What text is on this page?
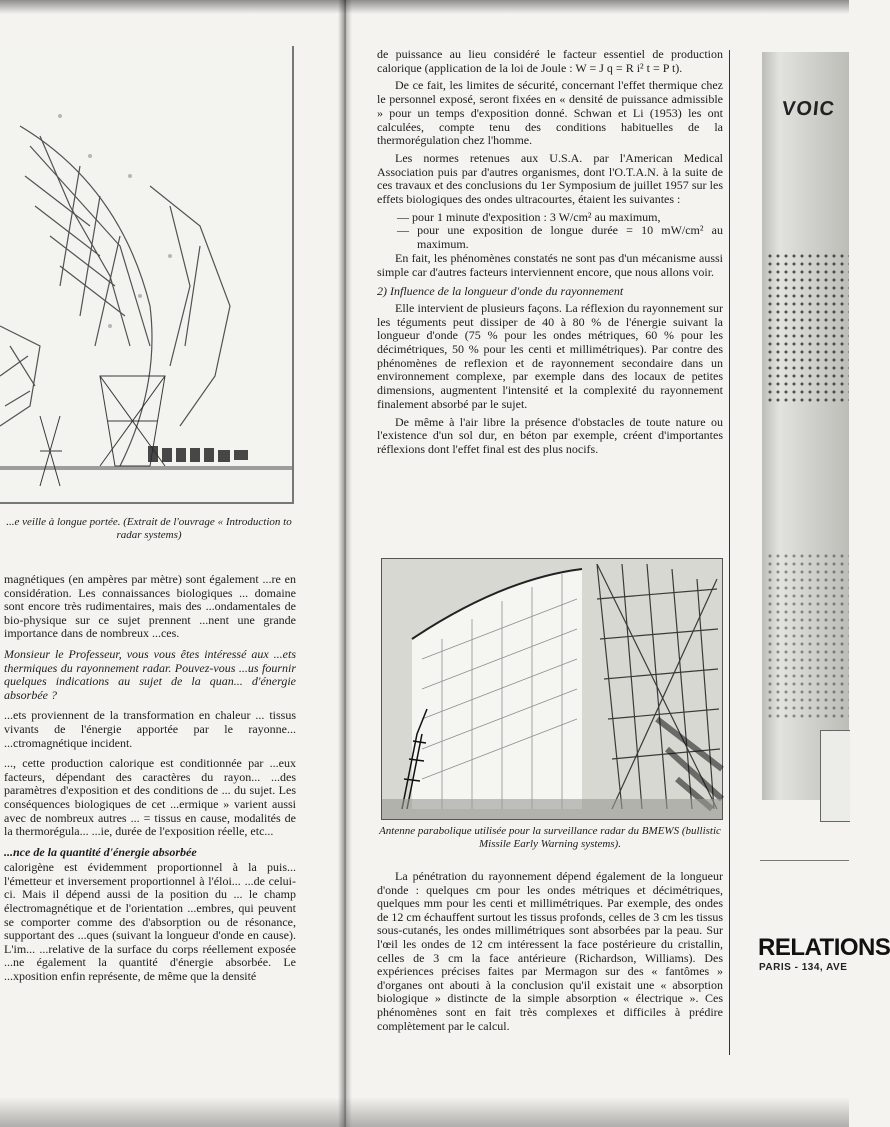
...e veille à longue portée. (Extrait de l'ouvrage « Introduction to radar systems)

magnétiques (en ampères par mètre) sont également ...re en considération. Les connaissances biologiques ... domaine sont encore très rudimentaires, mais des ...ondamentales de bio-physique sur ce sujet prennent ...nent une grande importance dans de nombreux ...ces.

Monsieur le Professeur, vous vous êtes intéressé aux ...ets thermiques du rayonnement radar. Pouvez-vous ...us fournir quelques indications au sujet de la quan... d'énergie absorbée ?

...ets proviennent de la transformation en chaleur ... tissus vivants de l'énergie apportée par le rayonne... ...ctromagnétique incident.

..., cette production calorique est conditionnée par ...eux facteurs, dépendant des caractères du rayon... ...des paramètres d'exposition et des conditions de ... du sujet. Les conséquences biologiques de cet ...ermique » varient aussi avec de nombreux autres ... = tissus en cause, modalités de la thermorégula... ...ie, durée de l'exposition réelle, etc...

...nce de la quantité d'énergie absorbée

calorigène est évidemment proportionnel à la puis... l'émetteur et inversement proportionnel à l'éloi... ...de celui-ci. Mais il dépend aussi de la position du ... le champ électromagnétique et de l'orientation ...embres, qui peuvent se comporter comme des d'absorption ou de résonance, supportant des ...ques (suivant la longueur d'onde en cause). L'im... ...relative de la surface du corps réellement exposée ...ne également la quantité d'énergie absorbée. Le ...xposition enfin représente, de même que la densité

de puissance au lieu considéré le facteur essentiel de production calorique (application de la loi de Joule : W = J q = R i² t = P t).

De ce fait, les limites de sécurité, concernant l'effet thermique chez le personnel exposé, seront fixées en « densité de puissance admissible » pour un temps d'exposition donné. Schwan et Li (1953) les ont calculées, compte tenu des conditions habituelles de la thermorégulation chez l'homme.

Les normes retenues aux U.S.A. par l'American Medical Association puis par d'autres organismes, dont l'O.T.A.N. à la suite de ces travaux et des conclusions du 1er Symposium de juillet 1957 sur les effets biologiques des ondes ultracourtes, étaient les suivantes :

— pour 1 minute d'exposition : 3 W/cm² au maximum,

— pour une exposition de longue durée = 10 mW/cm² au maximum.

En fait, les phénomènes constatés ne sont pas d'un mécanisme aussi simple car d'autres facteurs interviennent encore, que nous allons voir.

2) Influence de la longueur d'onde du rayonnement

Elle intervient de plusieurs façons. La réflexion du rayonnement sur les téguments peut dissiper de 40 à 80 % de l'énergie suivant la longueur d'onde (75 % pour les ondes métriques, 60 % pour les décimétriques, 50 % pour les centi et millimétriques). Par contre des phénomènes de reflexion et de rayonnement secondaire dans un environnement complexe, par exemple dans des locaux de petites dimensions, augmentent l'intensité et la complexité du rayonnement finalement absorbé par le sujet.

De même à l'air libre la présence d'obstacles de toute nature ou l'existence d'un sol dur, en béton par exemple, créent d'importantes réflexions dont l'effet final est des plus nocifs.

Antenne parabolique utilisée pour la surveillance radar du BMEWS (bullistic Missile Early Warning systems).

La pénétration du rayonnement dépend également de la longueur d'onde : quelques cm pour les ondes métriques et décimétriques, quelques mm pour les centi et millimétriques. Par exemple, des ondes de 12 cm échauffent surtout les tissus profonds, celles de 3 cm les tissus sous-cutanés, les ondes millimétriques sont absorbées par la peau. Sur l'œil les ondes de 12 cm intéressent la face postérieure du cristallin, celles de 3 cm la face antérieure (Richardson, Williams). Des expériences précises faites par Mermagon sur des « fantômes » d'organes ont abouti à la conclusion qu'il existait une « absorption biologique » distincte de la simple absorption « électrique ». Ces phénomènes sont en fait très complexes et difficiles à prédire complètement par le calcul.

VOIC
RELATIONS
PARIS - 134, AVE
